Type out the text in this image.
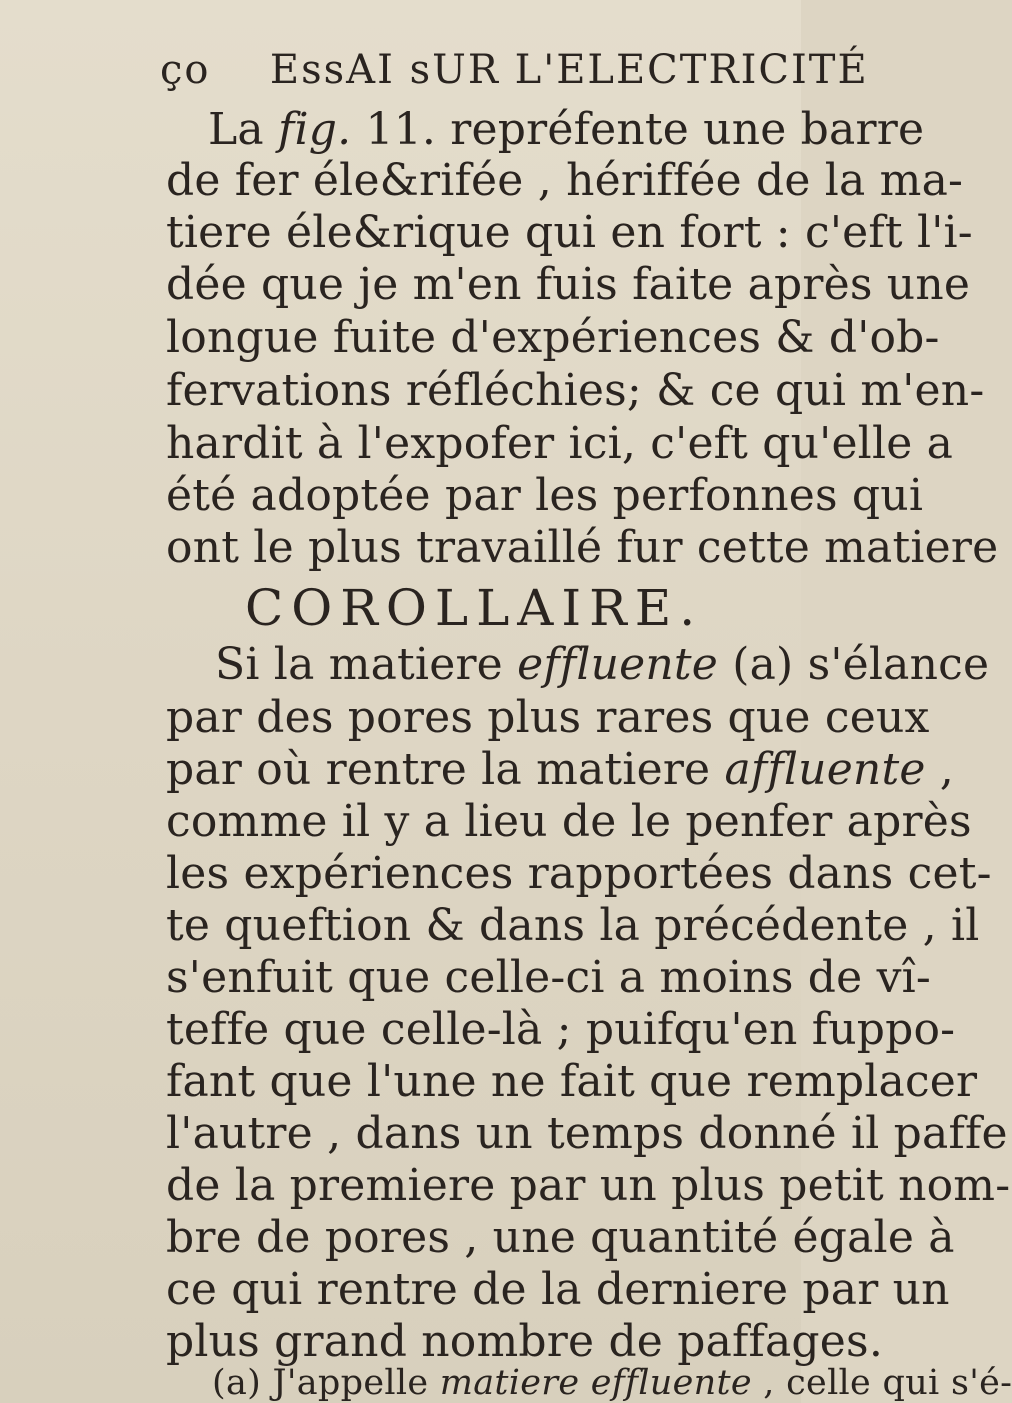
ço EssAI sUR L'ELECTRICITÉ
La fig. 11. repréfente une barre
de fer éle&rifée , hériffée de la ma-
tiere éle&rique qui en fort : c'eft l'i-
dée que je m'en fuis faite après une
longue fuite d'expériences & d'ob-
fervations réfléchies; & ce qui m'en-
hardit à l'expofer ici, c'eft qu'elle a
été adoptée par les perfonnes qui
ont le plus travaillé fur cette matiere
COROLLAIRE.
Si la matiere effluente (a) s'élance
par des pores plus rares que ceux
par où rentre la matiere affluente ,
comme il y a lieu de le penfer après
les expériences rapportées dans cet-
te queftion & dans la précédente , il
s'enfuit que celle-ci a moins de vî-
teffe que celle-là ; puifqu'en fuppo-
fant que l'une ne fait que remplacer
l'autre , dans un temps donné il paffe
de la premiere par un plus petit nom-
bre de pores , une quantité égale à
ce qui rentre de la derniere par un
plus grand nombre de paffages.
(a) J'appelle matiere effluente , celle qui s'é-
